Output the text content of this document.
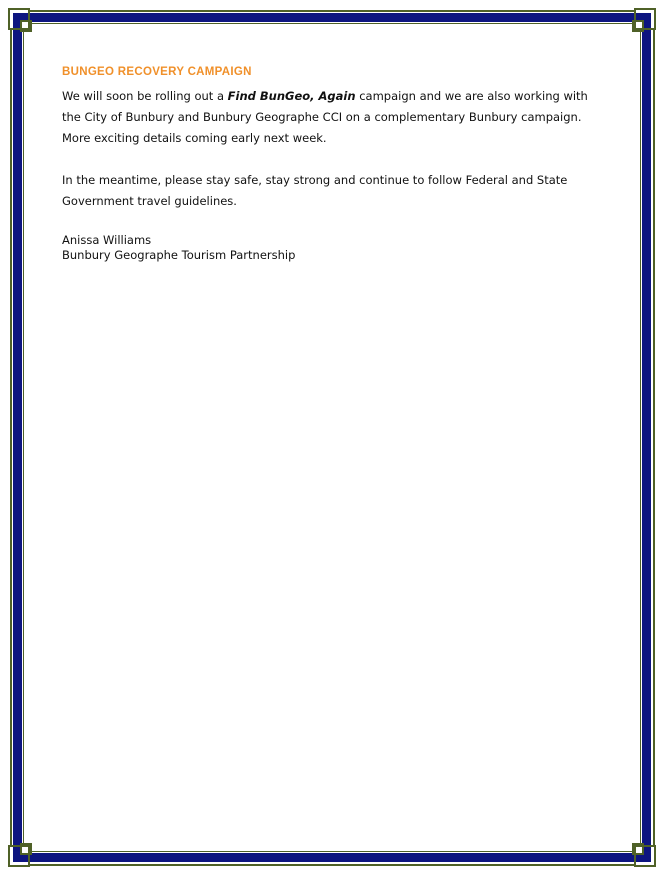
BUNGEO RECOVERY CAMPAIGN

We will soon be rolling out a Find BunGeo, Again campaign and we are also working with the City of Bunbury and Bunbury Geographe CCI on a complementary Bunbury campaign. More exciting details coming early next week.

In the meantime, please stay safe, stay strong and continue to follow Federal and State Government travel guidelines.

Anissa Williams

Bunbury Geographe Tourism Partnership
